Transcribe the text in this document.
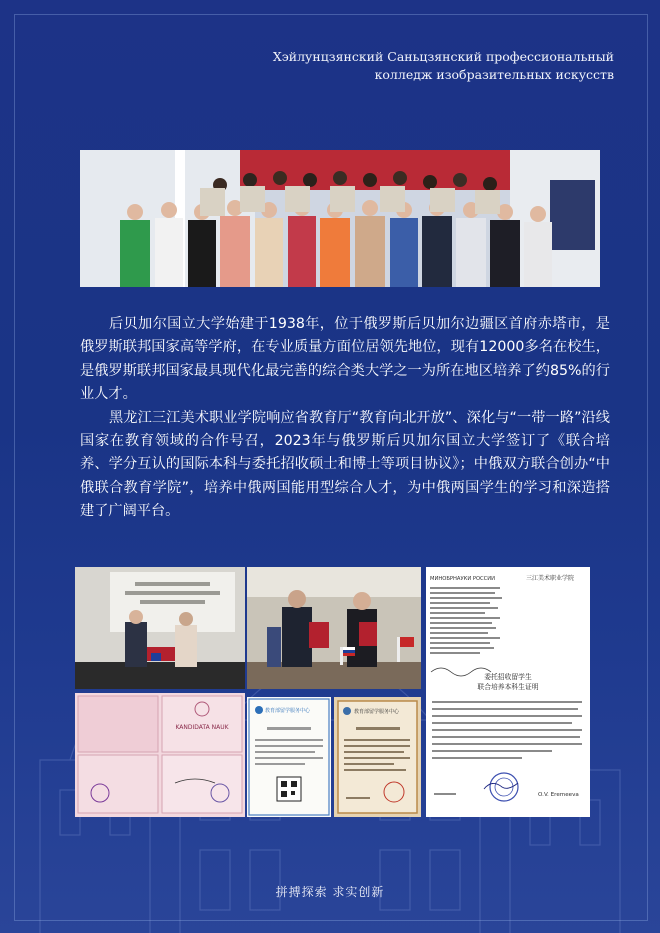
Хэйлунцзянский Саньцзянский профессиональный
колледж изобразительных искусств

后贝加尔国立大学始建于1938年，位于俄罗斯后贝加尔边疆区首府赤塔市，是俄罗斯联邦国家高等学府，在专业质量方面位居领先地位，现有12000多名在校生，是俄罗斯联邦国家最具现代化最完善的综合类大学之一为所在地区培养了约85%的行业人才。

黑龙江三江美术职业学院响应省教育厅“教育向北开放”、深化与“一带一路”沿线国家在教育领域的合作号召，2023年与俄罗斯后贝加尔国立大学签订了《联合培养、学分互认的国际本科与委托招收硕士和博士等项目协议》；中俄双方联合创办“中俄联合教育学院”，培养中俄两国能用型综合人才，为中俄两国学生的学习和深造搭建了广阔平台。

МИНОБРНАУКИ РОССИИ	三江美术职业学院
委托招收留学生
联合培养本科生证明
O.V. Eremeeva
KANDIDATA NAUK
教育部留学服务中心	教育部留学服务中心
拼搏探索 求实创新
